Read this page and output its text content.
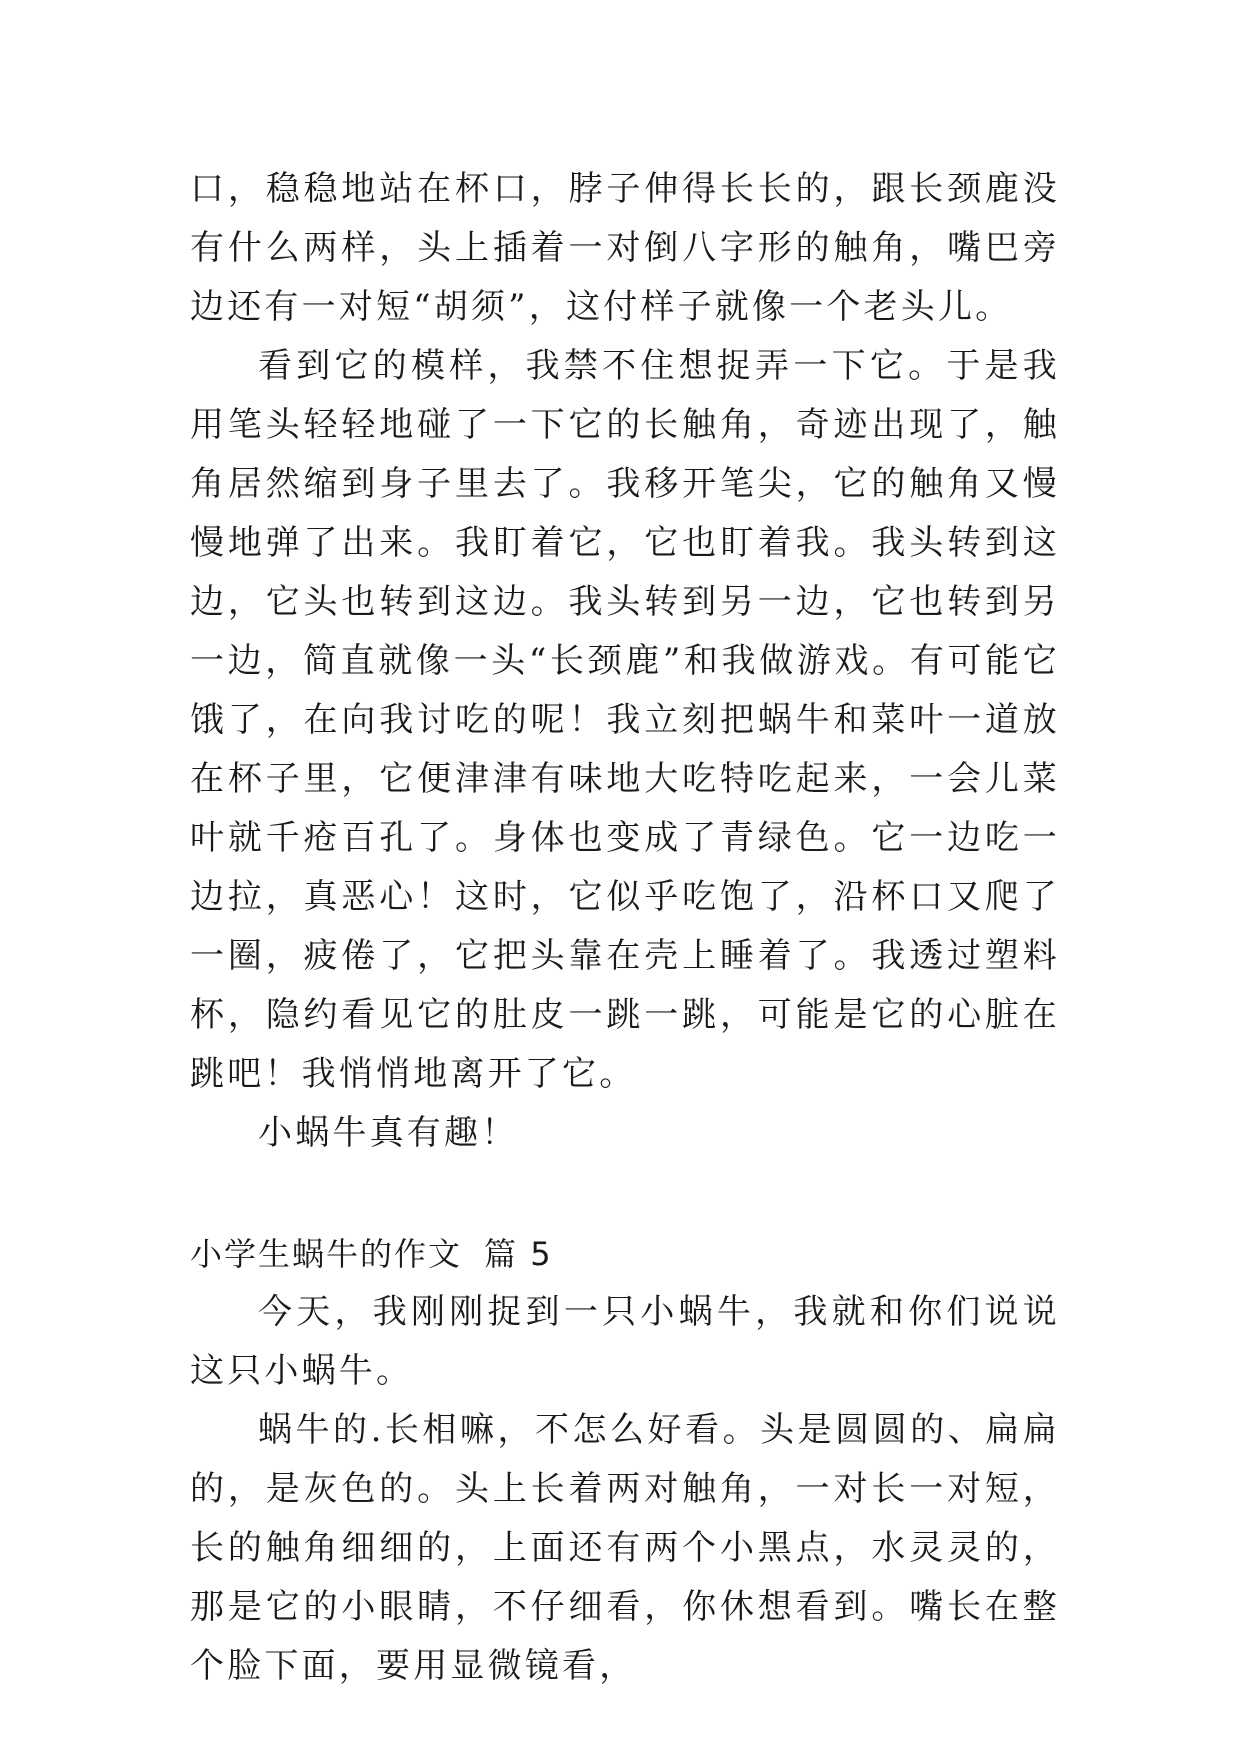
口，稳稳地站在杯口，脖子伸得长长的，跟长颈鹿没有什么两样，头上插着一对倒八字形的触角，嘴巴旁边还有一对短“胡须”，这付样子就像一个老头儿。

看到它的模样，我禁不住想捉弄一下它。于是我用笔头轻轻地碰了一下它的长触角，奇迹出现了，触角居然缩到身子里去了。我移开笔尖，它的触角又慢慢地弹了出来。我盯着它，它也盯着我。我头转到这边，它头也转到这边。我头转到另一边，它也转到另一边，简直就像一头“长颈鹿”和我做游戏。有可能它饿了，在向我讨吃的呢！我立刻把蜗牛和菜叶一道放在杯子里，它便津津有味地大吃特吃起来，一会儿菜叶就千疮百孔了。身体也变成了青绿色。它一边吃一边拉，真恶心！这时，它似乎吃饱了，沿杯口又爬了一圈，疲倦了，它把头靠在壳上睡着了。我透过塑料杯，隐约看见它的肚皮一跳一跳，可能是它的心脏在跳吧！我悄悄地离开了它。

小蜗牛真有趣！

小学生蜗牛的作文 篇 5

今天，我刚刚捉到一只小蜗牛，我就和你们说说这只小蜗牛。

蜗牛的.长相嘛，不怎么好看。头是圆圆的、扁扁的，是灰色的。头上长着两对触角，一对长一对短，长的触角细细的，上面还有两个小黑点，水灵灵的，那是它的小眼睛，不仔细看，你休想看到。嘴长在整个脸下面，要用显微镜看，
